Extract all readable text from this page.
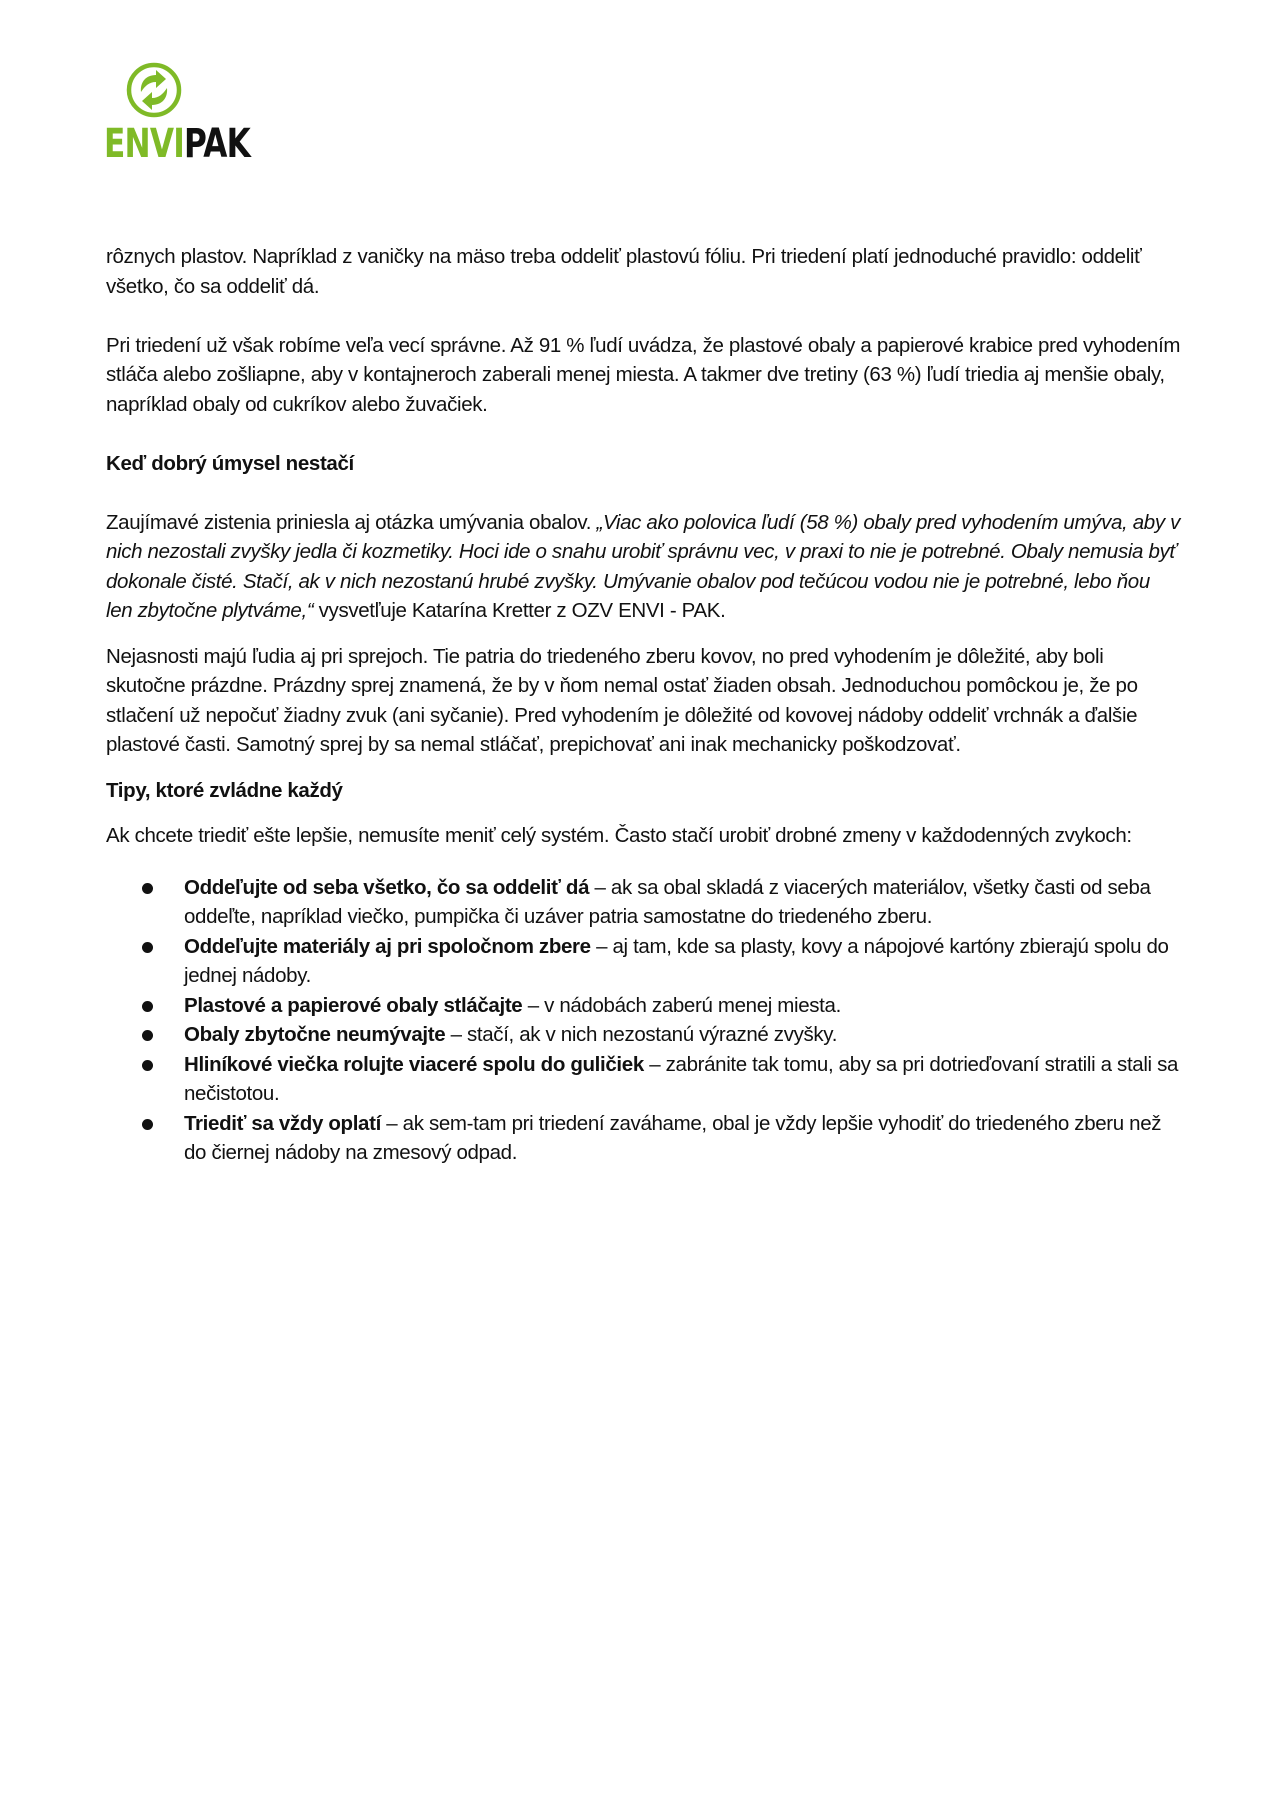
ENVIPAK

rôznych plastov. Napríklad z vaničky na mäso treba oddeliť plastovú fóliu. Pri triedení platí jednoduché pravidlo: oddeliť všetko, čo sa oddeliť dá.

Pri triedení už však robíme veľa vecí správne. Až 91 % ľudí uvádza, že plastové obaly a papierové krabice pred vyhodením stláča alebo zošliapne, aby v kontajneroch zaberali menej miesta. A takmer dve tretiny (63 %) ľudí triedia aj menšie obaly, napríklad obaly od cukríkov alebo žuvačiek.

Keď dobrý úmysel nestačí

Zaujímavé zistenia priniesla aj otázka umývania obalov. „Viac ako polovica ľudí (58 %) obaly pred vyhodením umýva, aby v nich nezostali zvyšky jedla či kozmetiky. Hoci ide o snahu urobiť správnu vec, v praxi to nie je potrebné. Obaly nemusia byť dokonale čisté. Stačí, ak v nich nezostanú hrubé zvyšky. Umývanie obalov pod tečúcou vodou nie je potrebné, lebo ňou len zbytočne plytváme,“ vysvetľuje Katarína Kretter z OZV ENVI - PAK.

Nejasnosti majú ľudia aj pri sprejoch. Tie patria do triedeného zberu kovov, no pred vyhodením je dôležité, aby boli skutočne prázdne. Prázdny sprej znamená, že by v ňom nemal ostať žiaden obsah. Jednoduchou pomôckou je, že po stlačení už nepočuť žiadny zvuk (ani syčanie). Pred vyhodením je dôležité od kovovej nádoby oddeliť vrchnák a ďalšie plastové časti. Samotný sprej by sa nemal stláčať, prepichovať ani inak mechanicky poškodzovať.

Tipy, ktoré zvládne každý

Ak chcete triediť ešte lepšie, nemusíte meniť celý systém. Často stačí urobiť drobné zmeny v každodenných zvykoch:

Oddeľujte od seba všetko, čo sa oddeliť dá – ak sa obal skladá z viacerých materiálov, všetky časti od seba oddeľte, napríklad viečko, pumpička či uzáver patria samostatne do triedeného zberu.
Oddeľujte materiály aj pri spoločnom zbere – aj tam, kde sa plasty, kovy a nápojové kartóny zbierajú spolu do jednej nádoby.
Plastové a papierové obaly stláčajte – v nádobách zaberú menej miesta.
Obaly zbytočne neumývajte – stačí, ak v nich nezostanú výrazné zvyšky.
Hliníkové viečka rolujte viaceré spolu do guličiek – zabránite tak tomu, aby sa pri dotrieďovaní stratili a stali sa nečistotou.
Triediť sa vždy oplatí – ak sem-tam pri triedení zaváhame, obal je vždy lepšie vyhodiť do triedeného zberu než do čiernej nádoby na zmesový odpad.
